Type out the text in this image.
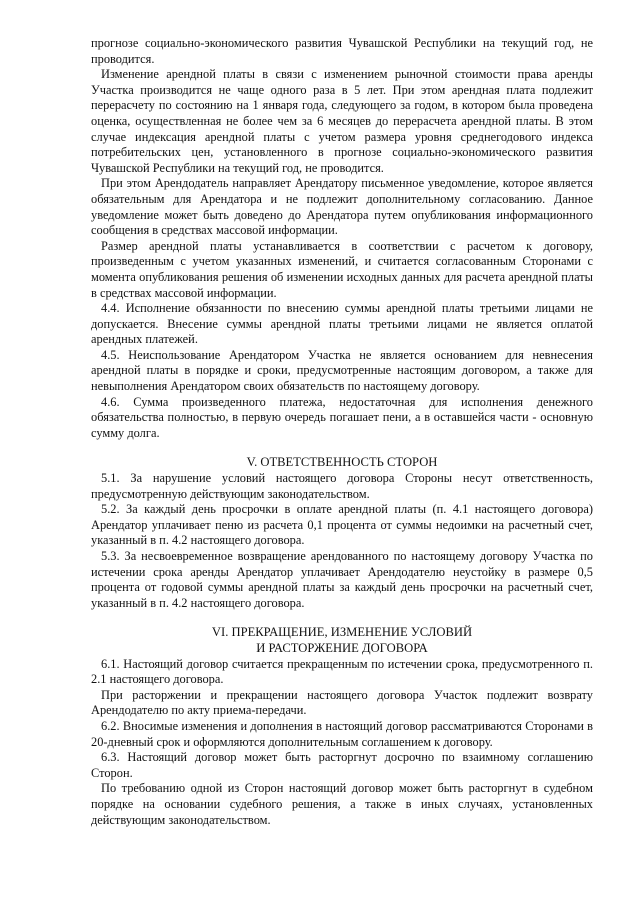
прогнозе социально-экономического развития Чувашской Республики на текущий год, не проводится.

Изменение арендной платы в связи с изменением рыночной стоимости права аренды Участка производится не чаще одного раза в 5 лет. При этом арендная плата подлежит перерасчету по состоянию на 1 января года, следующего за годом, в котором была проведена оценка, осуществленная не более чем за 6 месяцев до перерасчета арендной платы. В этом случае индексация арендной платы с учетом размера уровня среднегодового индекса потребительских цен, установленного в прогнозе социально-экономического развития Чувашской Республики на текущий год, не проводится.

При этом Арендодатель направляет Арендатору письменное уведомление, которое является обязательным для Арендатора и не подлежит дополнительному согласованию. Данное уведомление может быть доведено до Арендатора путем опубликования информационного сообщения в средствах массовой информации.

Размер арендной платы устанавливается в соответствии с расчетом к договору, произведенным с учетом указанных изменений, и считается согласованным Сторонами с момента опубликования решения об изменении исходных данных для расчета арендной платы в средствах массовой информации.

4.4. Исполнение обязанности по внесению суммы арендной платы третьими лицами не допускается. Внесение суммы арендной платы третьими лицами не является оплатой арендных платежей.

4.5. Неиспользование Арендатором Участка не является основанием для невнесения арендной платы в порядке и сроки, предусмотренные настоящим договором, а также для невыполнения Арендатором своих обязательств по настоящему договору.

4.6. Сумма произведенного платежа, недостаточная для исполнения денежного обязательства полностью, в первую очередь погашает пени, а в оставшейся части - основную сумму долга.

V. ОТВЕТСТВЕННОСТЬ СТОРОН

5.1. За нарушение условий настоящего договора Стороны несут ответственность, предусмотренную действующим законодательством.

5.2. За каждый день просрочки в оплате арендной платы (п. 4.1 настоящего договора) Арендатор уплачивает пеню из расчета 0,1 процента от суммы недоимки на расчетный счет, указанный в п. 4.2 настоящего договора.

5.3. За несвоевременное возвращение арендованного по настоящему договору Участка по истечении срока аренды Арендатор уплачивает Арендодателю неустойку в размере 0,5 процента от годовой суммы арендной платы за каждый день просрочки на расчетный счет, указанный в п. 4.2 настоящего договора.

VI. ПРЕКРАЩЕНИЕ, ИЗМЕНЕНИЕ УСЛОВИЙ
И РАСТОРЖЕНИЕ ДОГОВОРА

6.1. Настоящий договор считается прекращенным по истечении срока, предусмотренного п. 2.1 настоящего договора.

При расторжении и прекращении настоящего договора Участок подлежит возврату Арендодателю по акту приема-передачи.

6.2. Вносимые изменения и дополнения в настоящий договор рассматриваются Сторонами в 20-дневный срок и оформляются дополнительным соглашением к договору.

6.3. Настоящий договор может быть расторгнут досрочно по взаимному соглашению Сторон.

По требованию одной из Сторон настоящий договор может быть расторгнут в судебном порядке на основании судебного решения, а также в иных случаях, установленных действующим законодательством.
